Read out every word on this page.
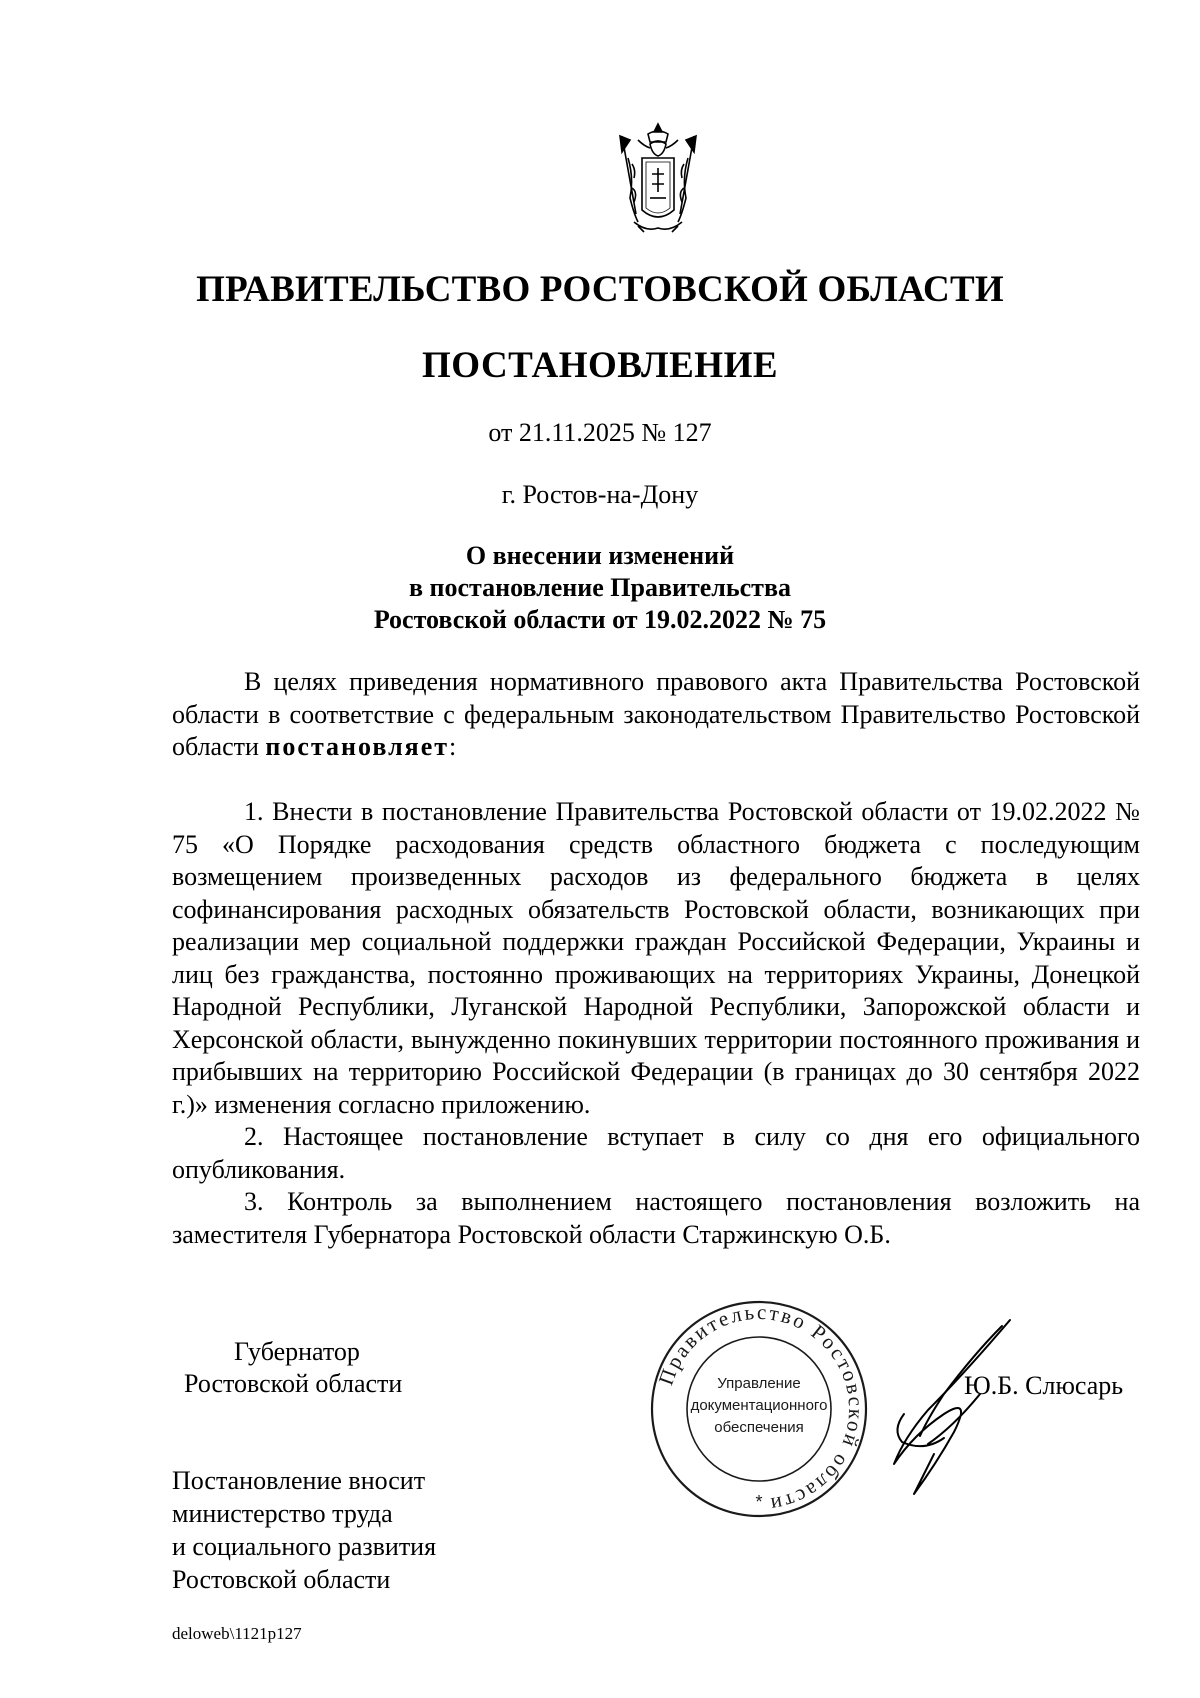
ПРАВИТЕЛЬСТВО РОСТОВСКОЙ ОБЛАСТИ
ПОСТАНОВЛЕНИЕ
от 21.11.2025 № 127
г. Ростов-на-Дону
О внесении изменений
в постановление Правительства
Ростовской области от 19.02.2022 № 75

В целях приведения нормативного правового акта Правительства Ростовской области в соответствие с федеральным законодательством Правительство Ростовской области постановляет:

1. Внести в постановление Правительства Ростовской области от 19.02.2022 № 75 «О Порядке расходования средств областного бюджета с последующим возмещением произведенных расходов из федерального бюджета в целях софинансирования расходных обязательств Ростовской области, возникающих при реализации мер социальной поддержки граждан Российской Федерации, Украины и лиц без гражданства, постоянно проживающих на территориях Украины, Донецкой Народной Республики, Луганской Народной Республики, Запорожской области и Херсонской области, вынужденно покинувших территории постоянного проживания и прибывших на территорию Российской Федерации (в границах до 30 сентября 2022 г.)» изменения согласно приложению.

2. Настоящее постановление вступает в силу со дня его официального опубликования.

3. Контроль за выполнением настоящего постановления возложить на заместителя Губернатора Ростовской области Старжинскую О.Б.

Губернатор
Ростовской области	Правительство Ростовской области
Управление
документационного
обеспечения
*
Ю.Б. Слюсарь
Постановление вносит
министерство труда
и социального развития
Ростовской области
deloweb\1121p127
